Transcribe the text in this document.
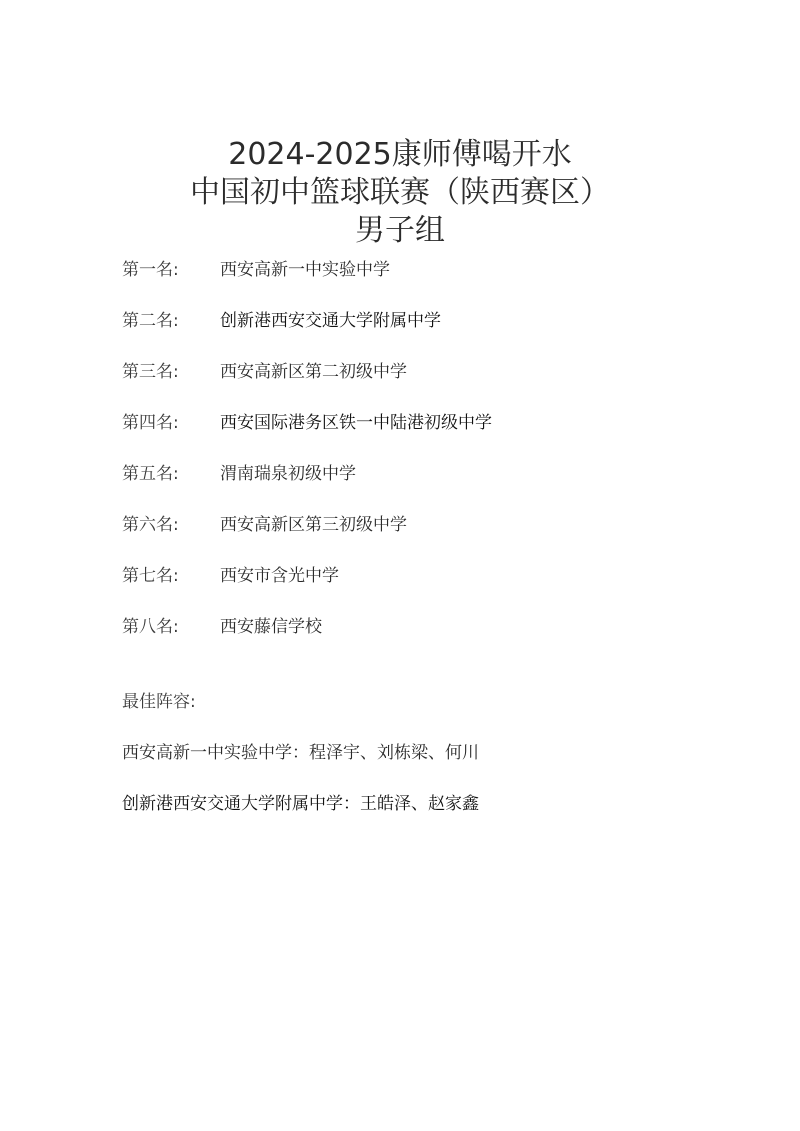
2024-2025康师傅喝开水
中国初中篮球联赛（陕西赛区）
男子组
第一名:	西安高新一中实验中学
第二名:	创新港西安交通大学附属中学
第三名:	西安高新区第二初级中学
第四名:	西安国际港务区铁一中陆港初级中学
第五名:	渭南瑞泉初级中学
第六名:	西安高新区第三初级中学
第七名:	西安市含光中学
第八名:	西安藤信学校
最佳阵容:
西安高新一中实验中学：程泽宇、刘栋梁、何川
创新港西安交通大学附属中学：王皓泽、赵家鑫
